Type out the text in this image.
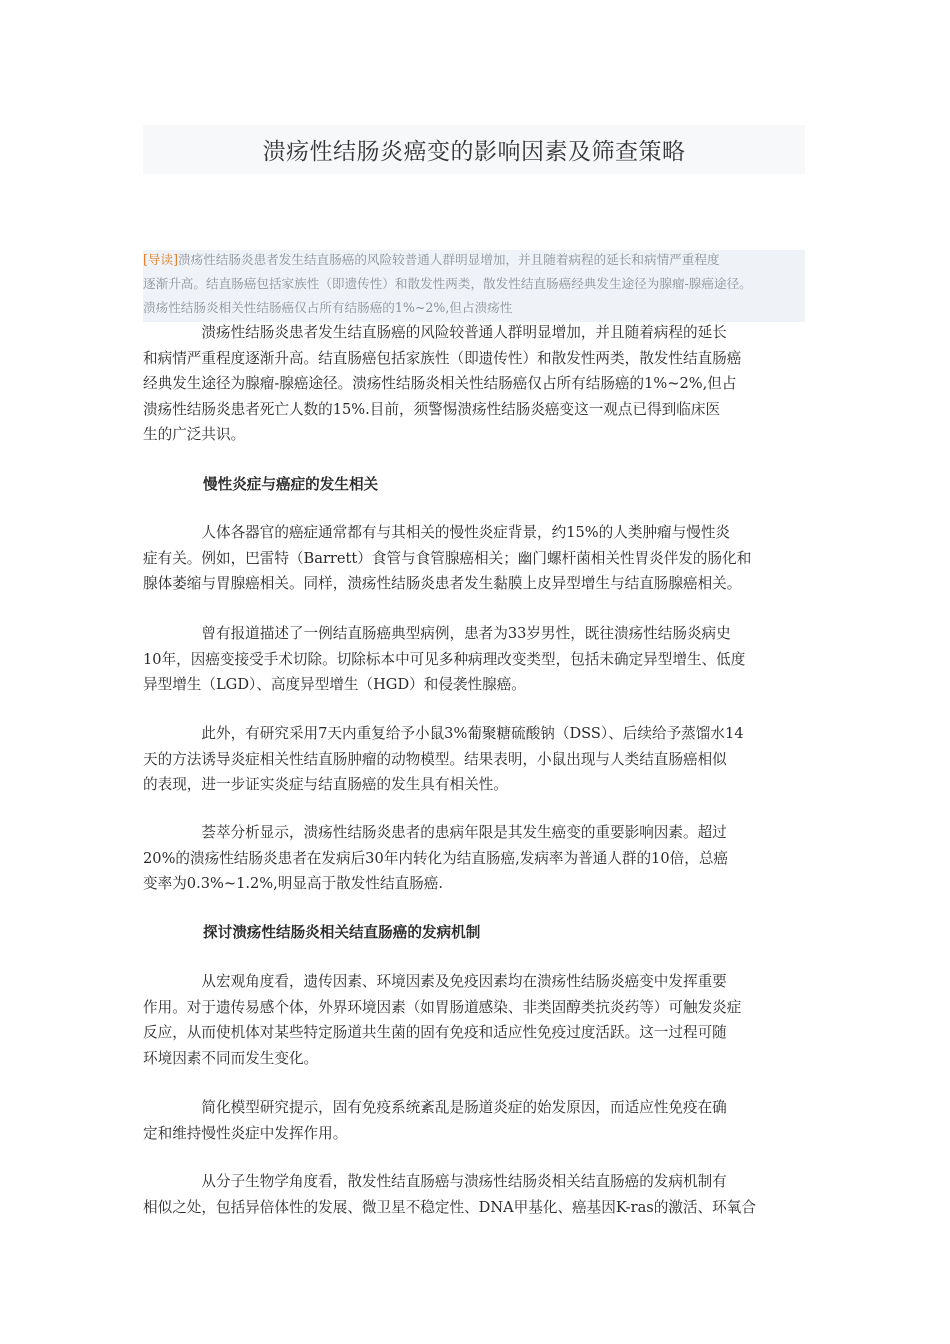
溃疡性结肠炎癌变的影响因素及筛查策略
[导读]溃疡性结肠炎患者发生结直肠癌的风险较普通人群明显增加，并且随着病程的延长和病情严重程度
逐渐升高。结直肠癌包括家族性（即遗传性）和散发性两类，散发性结直肠癌经典发生途径为腺瘤-腺癌途径。
溃疡性结肠炎相关性结肠癌仅占所有结肠癌的1%~2%,但占溃疡性
　　　　溃疡性结肠炎患者发生结直肠癌的风险较普通人群明显增加，并且随着病程的延长
和病情严重程度逐渐升高。结直肠癌包括家族性（即遗传性）和散发性两类，散发性结直肠癌
经典发生途径为腺瘤-腺癌途径。溃疡性结肠炎相关性结肠癌仅占所有结肠癌的1%~2%,但占
溃疡性结肠炎患者死亡人数的15%.目前，须警惕溃疡性结肠炎癌变这一观点已得到临床医
生的广泛共识。
慢性炎症与癌症的发生相关
　　　　人体各器官的癌症通常都有与其相关的慢性炎症背景，约15%的人类肿瘤与慢性炎
症有关。例如，巴雷特（Barrett）食管与食管腺癌相关；幽门螺杆菌相关性胃炎伴发的肠化和
腺体萎缩与胃腺癌相关。同样，溃疡性结肠炎患者发生黏膜上皮异型增生与结直肠腺癌相关。
　　　　曾有报道描述了一例结直肠癌典型病例，患者为33岁男性，既往溃疡性结肠炎病史
10年，因癌变接受手术切除。切除标本中可见多种病理改变类型，包括未确定异型增生、低度
异型增生（LGD）、高度异型增生（HGD）和侵袭性腺癌。
　　　　此外，有研究采用7天内重复给予小鼠3%葡聚糖硫酸钠（DSS）、后续给予蒸馏水14
天的方法诱导炎症相关性结直肠肿瘤的动物模型。结果表明，小鼠出现与人类结直肠癌相似
的表现，进一步证实炎症与结直肠癌的发生具有相关性。
　　　　荟萃分析显示，溃疡性结肠炎患者的患病年限是其发生癌变的重要影响因素。超过
20%的溃疡性结肠炎患者在发病后30年内转化为结直肠癌,发病率为普通人群的10倍，总癌
变率为0.3%~1.2%,明显高于散发性结直肠癌.
探讨溃疡性结肠炎相关结直肠癌的发病机制
　　　　从宏观角度看，遗传因素、环境因素及免疫因素均在溃疡性结肠炎癌变中发挥重要
作用。对于遗传易感个体，外界环境因素（如胃肠道感染、非类固醇类抗炎药等）可触发炎症
反应，从而使机体对某些特定肠道共生菌的固有免疫和适应性免疫过度活跃。这一过程可随
环境因素不同而发生变化。
　　　　简化模型研究提示，固有免疫系统紊乱是肠道炎症的始发原因，而适应性免疫在确
定和维持慢性炎症中发挥作用。
　　　　从分子生物学角度看，散发性结直肠癌与溃疡性结肠炎相关结直肠癌的发病机制有
相似之处，包括异倍体性的发展、微卫星不稳定性、DNA甲基化、癌基因K-ras的激活、环氧合
